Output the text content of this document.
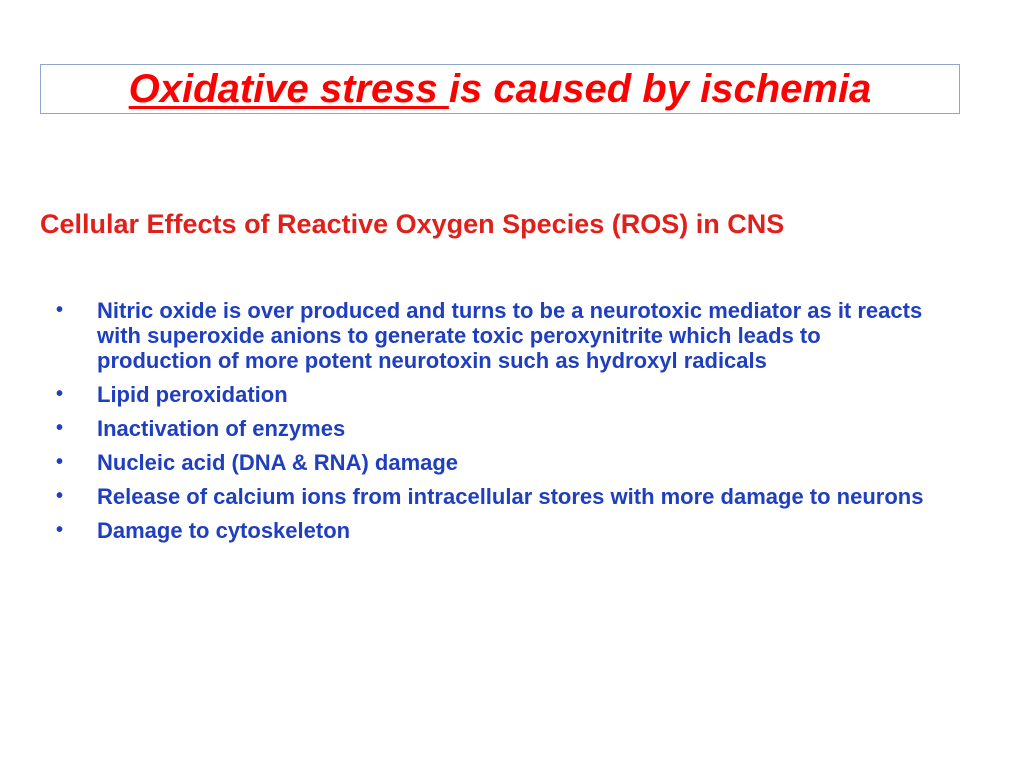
Oxidative stress is caused by ischemia
Cellular Effects of Reactive Oxygen Species (ROS) in CNS
• Nitric oxide is over produced and turns to be a neurotoxic mediator as it reacts with superoxide anions to generate toxic peroxynitrite which leads to production of more potent neurotoxin such as hydroxyl radicals
• Lipid peroxidation
• Inactivation of enzymes
• Nucleic acid (DNA & RNA) damage
• Release of calcium ions from intracellular stores with more damage to neurons
• Damage to cytoskeleton
